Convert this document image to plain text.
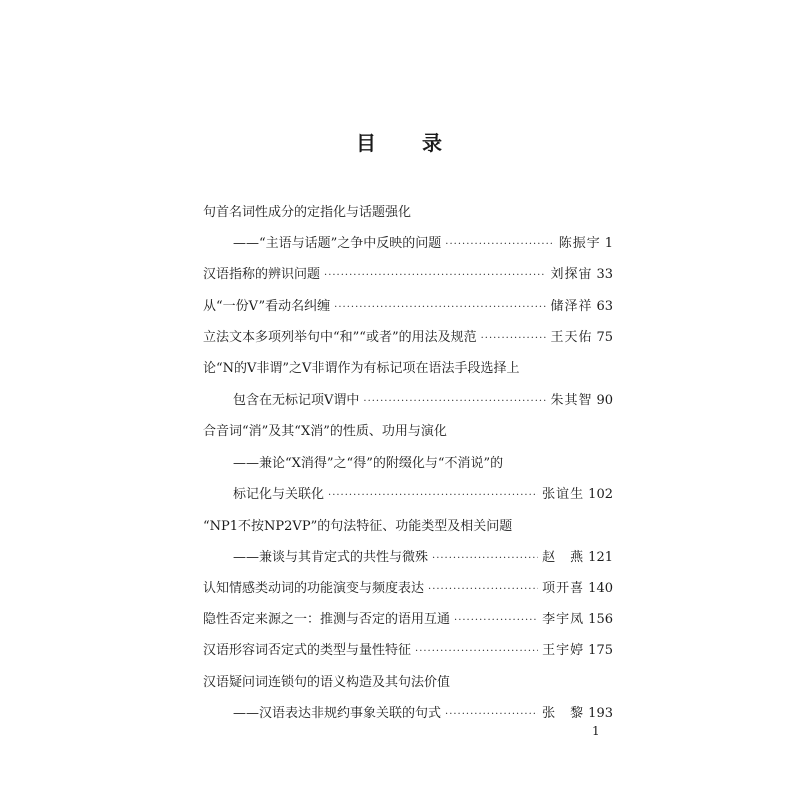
目 录
句首名词性成分的定指化与话题强化
——“主语与话题”之争中反映的问题 ·····	陈振宇 1
汉语指称的辨识问题 ·····	刘探宙 33
从“一份V”看动名纠缠 ·····	储泽祥 63
立法文本多项列举句中“和”“或者”的用法及规范 ·····	王天佑 75
论“N的V非谓”之V非谓作为有标记项在语法手段选择上
包含在无标记项V谓中 ·····	朱其智 90
合音词“消”及其“X消”的性质、功用与演化
——兼论“X消得”之“得”的附缀化与“不消说”的
标记化与关联化 ·····	张谊生 102
“NP1不按NP2VP”的句法特征、功能类型及相关问题
——兼谈与其肯定式的共性与微殊 ·····	赵　燕 121
认知情感类动词的功能演变与频度表达 ·····	项开喜 140
隐性否定来源之一：推测与否定的语用互通 ·····	李宇凤 156
汉语形容词否定式的类型与量性特征 ·····	王宇婷 175
汉语疑问词连锁句的语义构造及其句法价值
——汉语表达非规约事象关联的句式 ·····	张　黎 193
1
